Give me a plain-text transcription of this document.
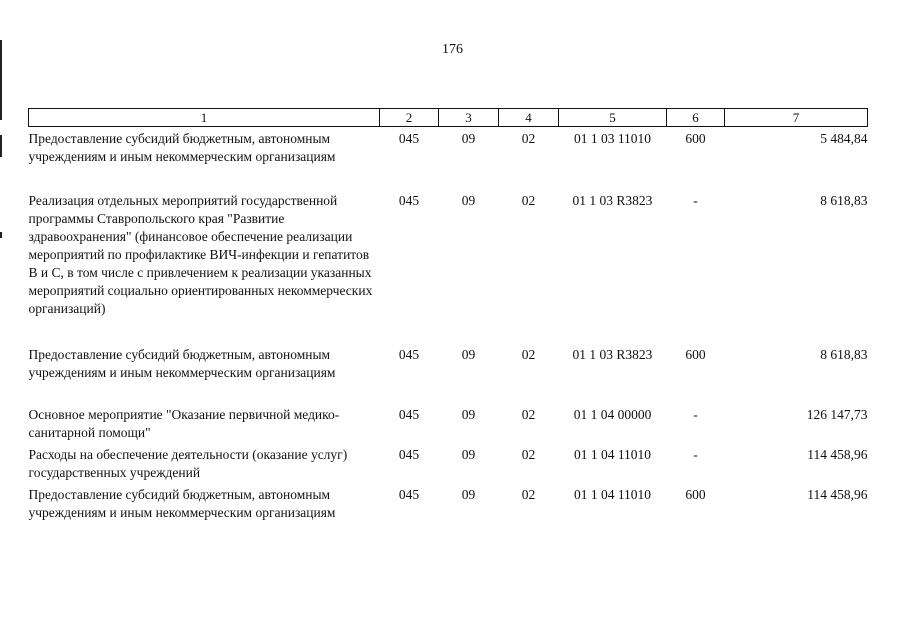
176
1	2	3	4	5	6	7
Предоставление субсидий бюджетным, автономным учреждениям и иным некоммерческим организациям	045	09	02	01 1 03 11010	600	5 484,84
Реализация отдельных мероприятий государственной программы Ставропольского края "Развитие здравоохранения" (финансовое обеспечение реализации мероприятий по профилактике ВИЧ-инфекции и гепатитов В и С, в том числе с привлечением к реализации указанных мероприятий социально ориентированных некоммерческих организаций)	045	09	02	01 1 03 R3823	-	8 618,83
Предоставление субсидий бюджетным, автономным учреждениям и иным некоммерческим организациям	045	09	02	01 1 03 R3823	600	8 618,83
Основное мероприятие "Оказание первичной медико-санитарной помощи"	045	09	02	01 1 04 00000	-	126 147,73
Расходы на обеспечение деятельности (оказание услуг) государственных учреждений	045	09	02	01 1 04 11010	-	114 458,96
Предоставление субсидий бюджетным, автономным учреждениям и иным некоммерческим организациям	045	09	02	01 1 04 11010	600	114 458,96
